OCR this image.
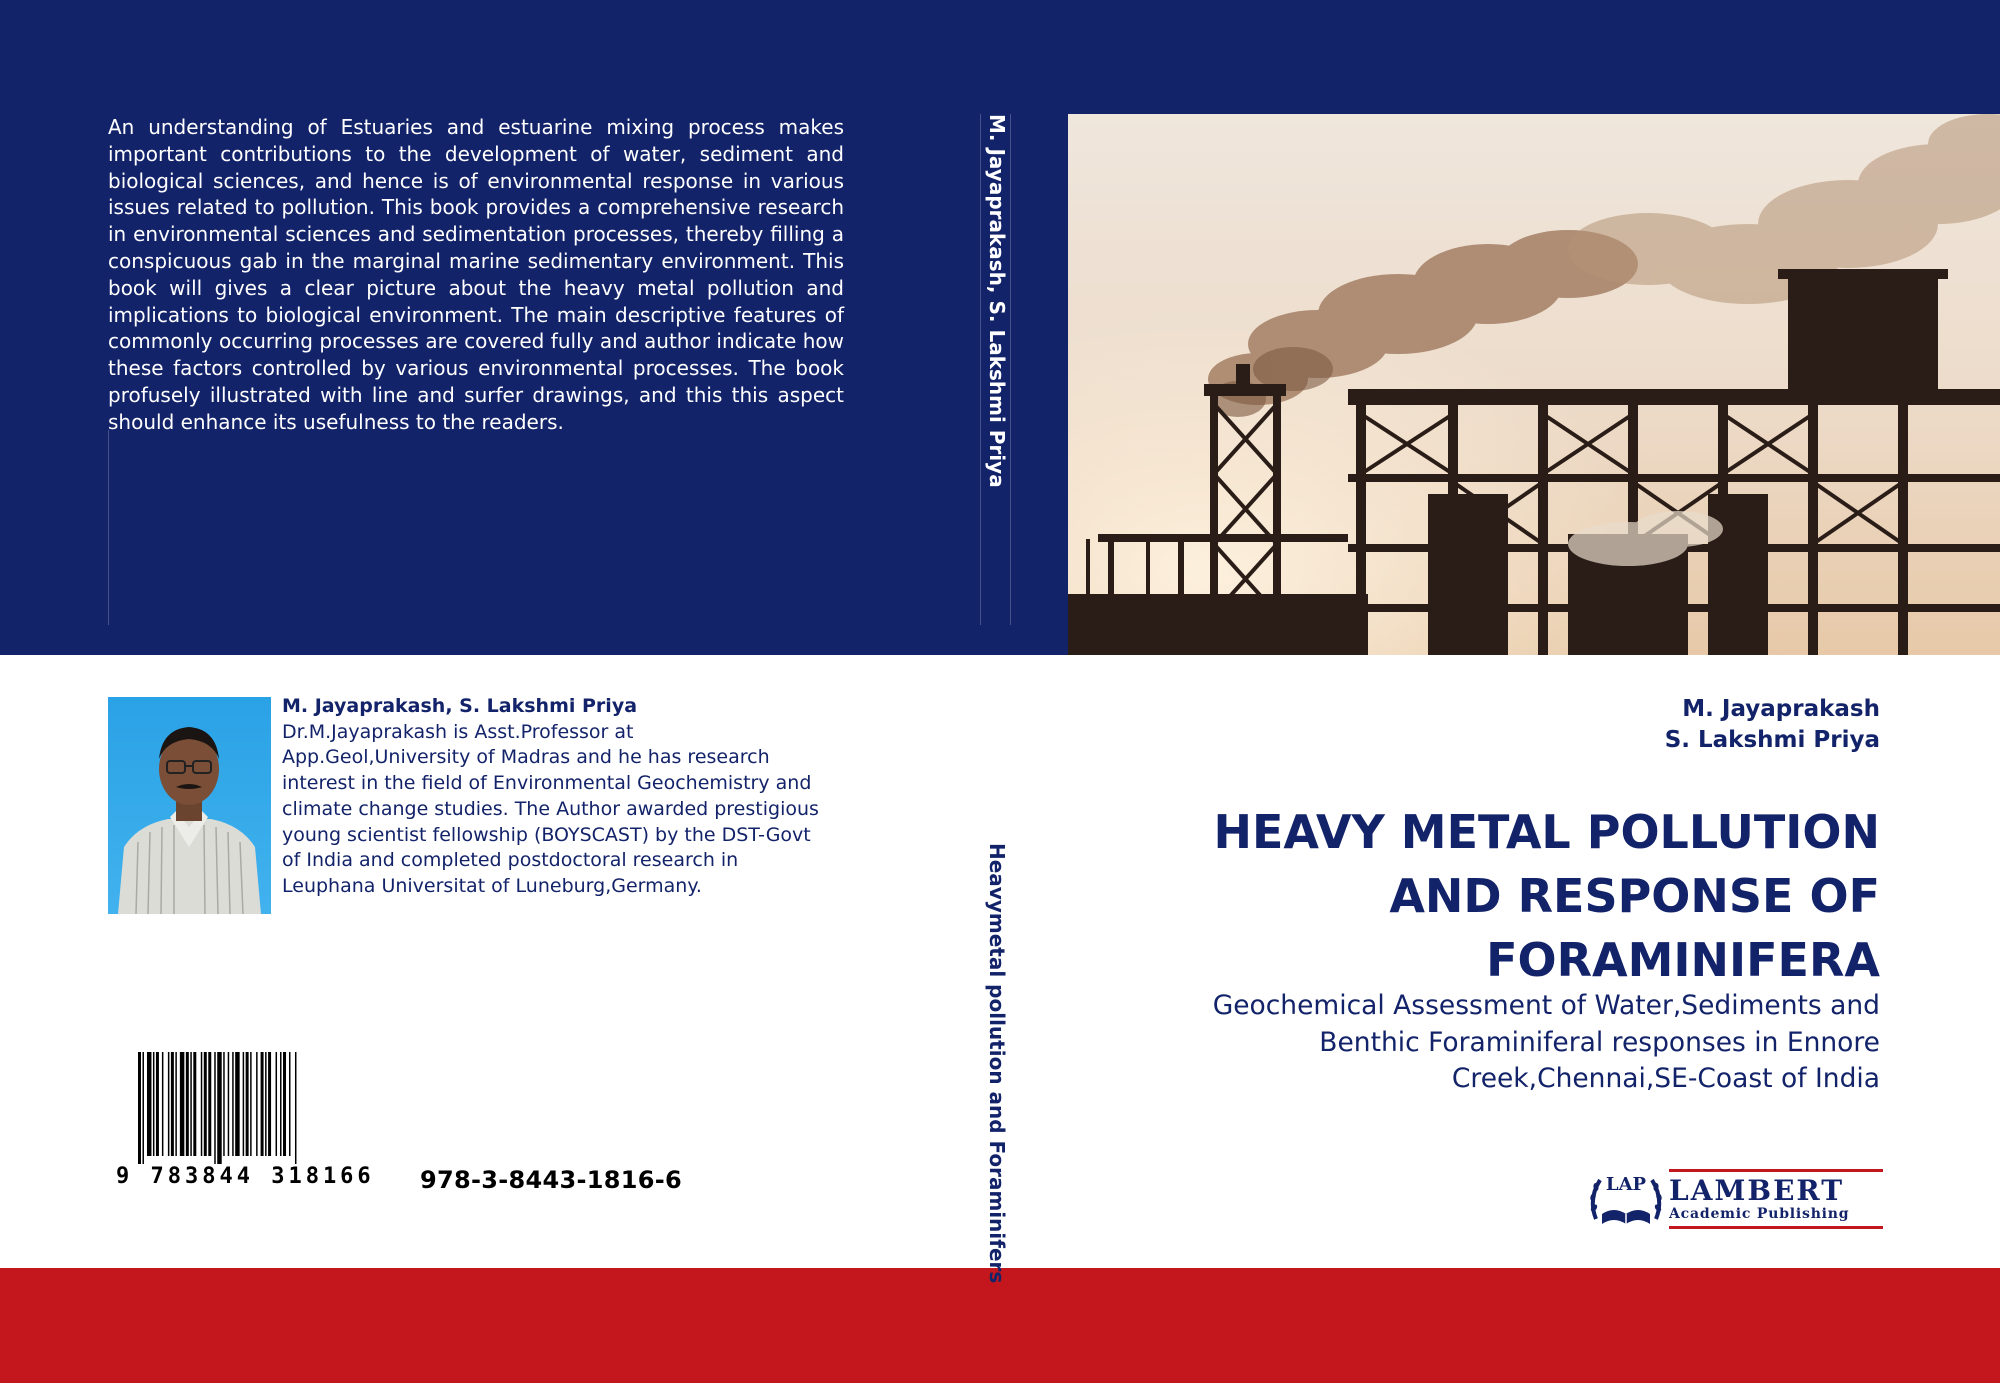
An understanding of Estuaries and estuarine mixing process makes important contributions to the development of water, sediment and biological sciences, and hence is of environmental response in various issues related to pollution. This book provides a comprehensive research in environmental sciences and sedimentation processes, thereby filling a conspicuous gab in the marginal marine sedimentary environment. This book will gives a clear picture about the heavy metal pollution and implications to biological environment. The main descriptive features of commonly occurring processes are covered fully and author indicate how these factors controlled by various environmental processes. The book profusely illustrated with line and surfer drawings, and this this aspect should enhance its usefulness to the readers.	M. Jayaprakash, S. Lakshmi Priya
Heavymetal pollution and Foraminifers
M. Jayaprakash, S. Lakshmi Priya
Dr.M.Jayaprakash is Asst.Professor at App.Geol,University of Madras and he has research interest in the field of Environmental Geochemistry and climate change studies. The Author awarded prestigious young scientist fellowship (BOYSCAST) by the DST-Govt of India and completed postdoctoral research in Leuphana Universitat of Luneburg,Germany.
9 783844 318166 978-3-8443-1816-6
M. Jayaprakash
S. Lakshmi Priya
HEAVY METAL POLLUTION
AND RESPONSE OF
FORAMINIFERA
Geochemical Assessment of Water,Sediments and
Benthic Foraminiferal responses in Ennore
Creek,Chennai,SE-Coast of India
LAP LAMBERT
Academic Publishing
